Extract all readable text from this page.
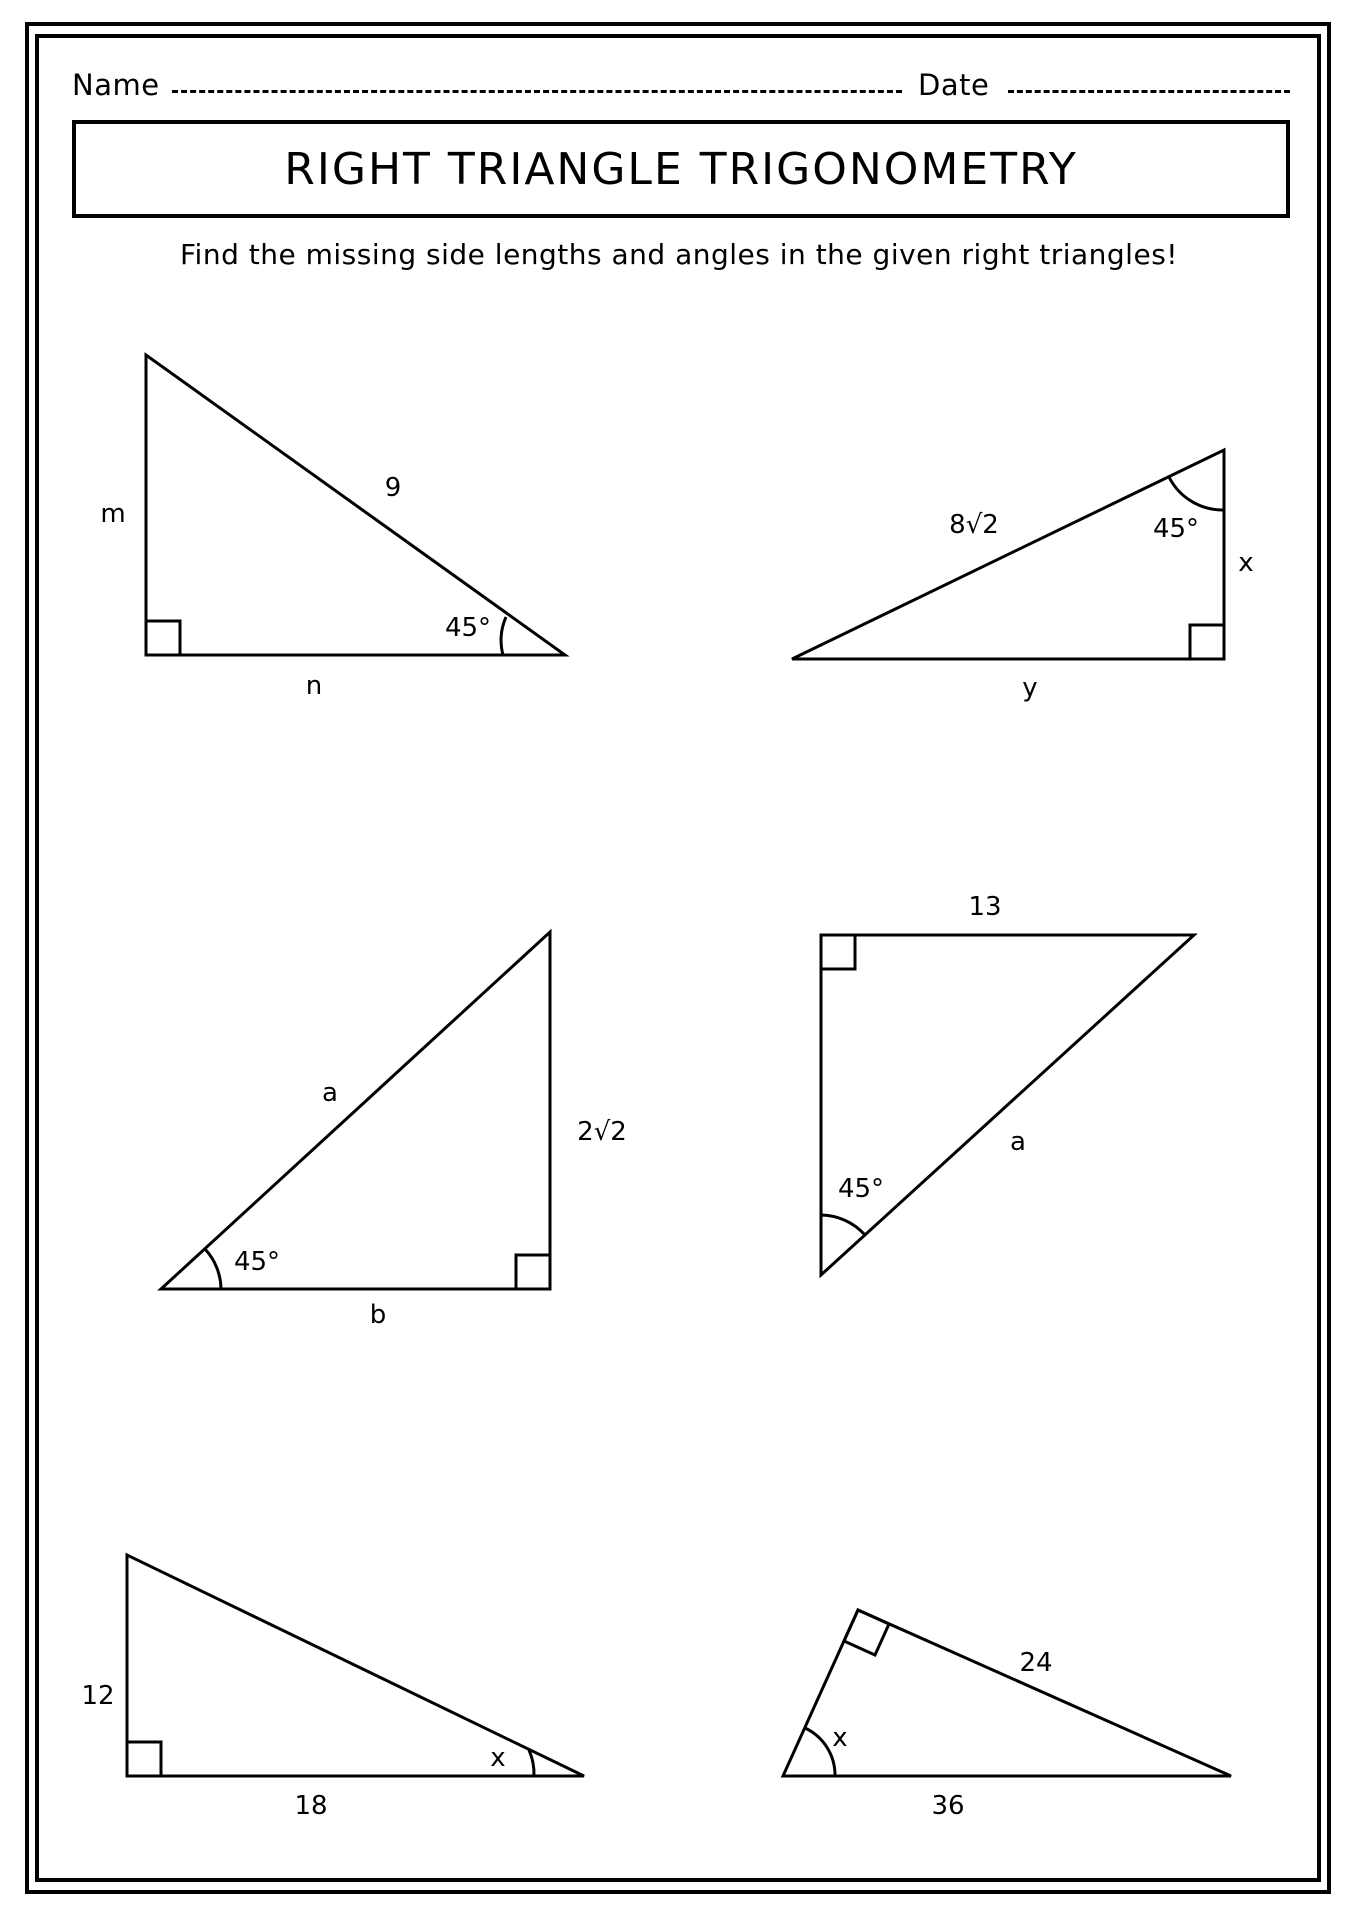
Name	Date
RIGHT TRIANGLE TRIGONOMETRY
Find the missing side lengths and angles in the given right triangles!
m
9
45°
n
8√2	45°
x
y
a
2√2
45°
b
13
a
45°
12
x
18
24
x
36
